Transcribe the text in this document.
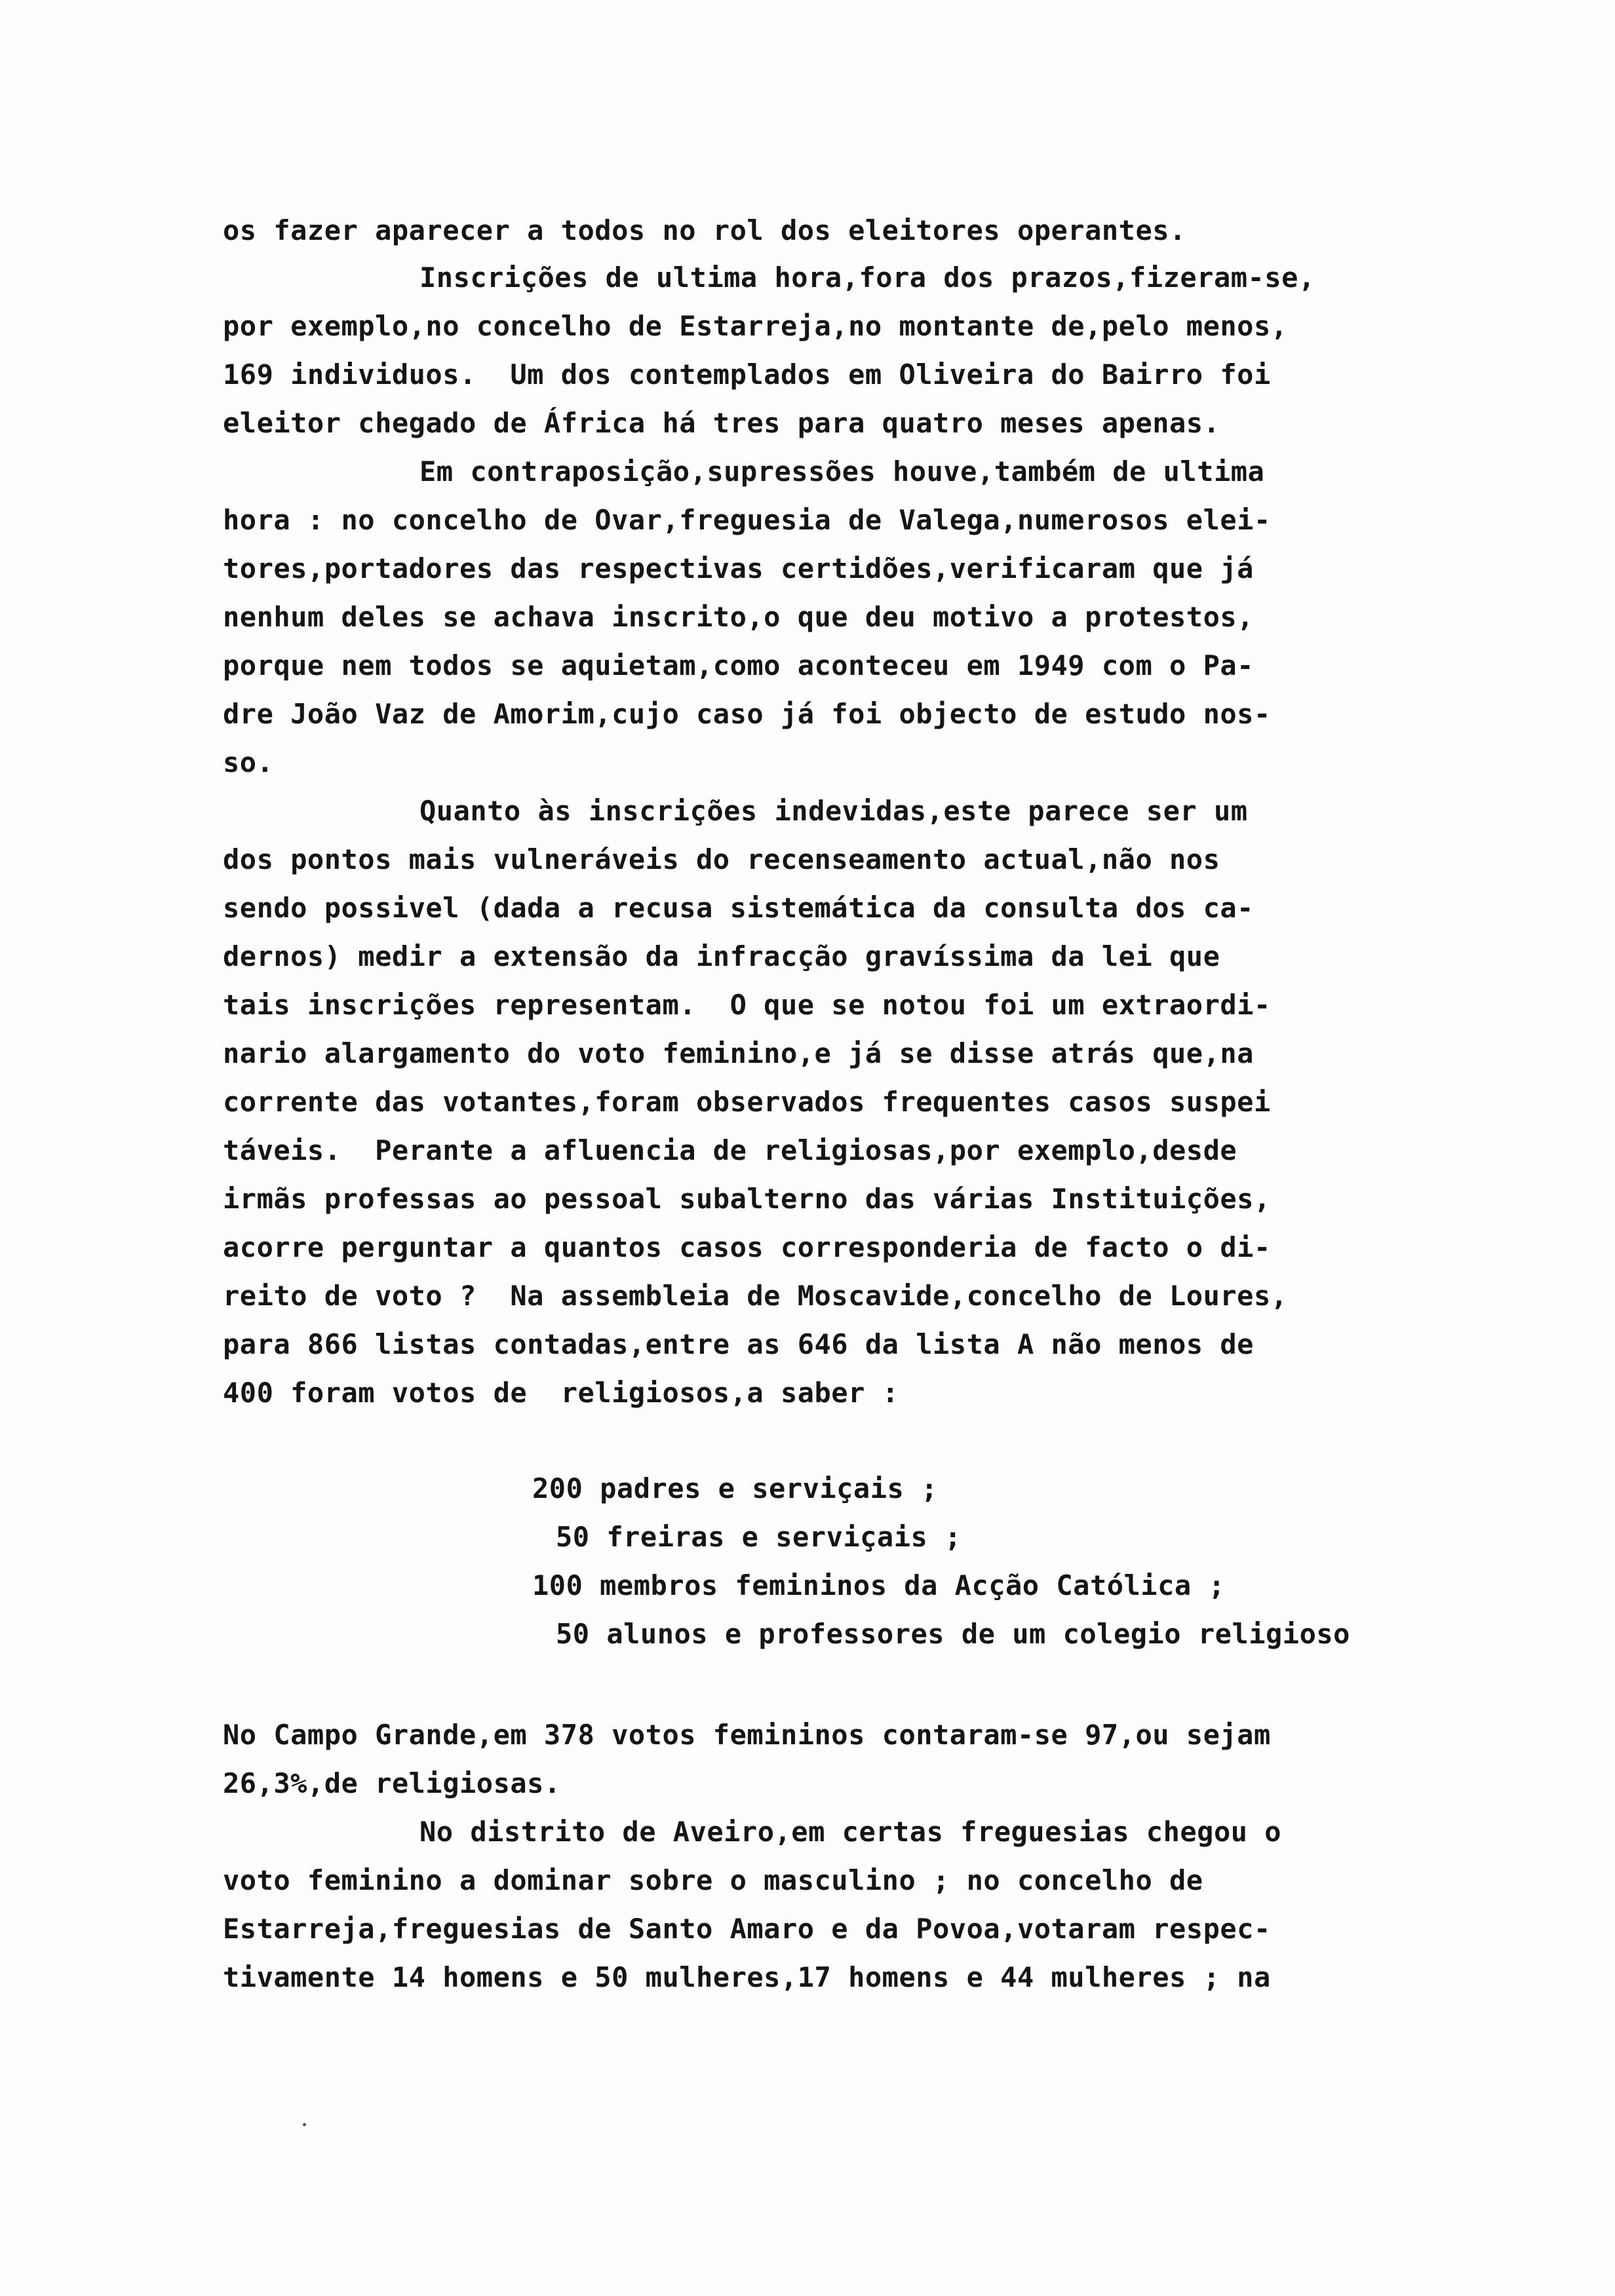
os fazer aparecer a todos no rol dos eleitores operantes.
Inscrições de ultima hora,fora dos prazos,fizeram-se,
por exemplo,no concelho de Estarreja,no montante de,pelo menos,
169 individuos.  Um dos contemplados em Oliveira do Bairro foi
eleitor chegado de África há tres para quatro meses apenas.
Em contraposição,supressões houve,também de ultima
hora : no concelho de Ovar,freguesia de Valega,numerosos elei-
tores,portadores das respectivas certidões,verificaram que já
nenhum deles se achava inscrito,o que deu motivo a protestos,
porque nem todos se aquietam,como aconteceu em 1949 com o Pa-
dre João Vaz de Amorim,cujo caso já foi objecto de estudo nos-
so.
Quanto às inscrições indevidas,este parece ser um
dos pontos mais vulneráveis do recenseamento actual,não nos
sendo possivel (dada a recusa sistemática da consulta dos ca-
dernos) medir a extensão da infracção gravíssima da lei que
tais inscrições representam.  O que se notou foi um extraordi-
nario alargamento do voto feminino,e já se disse atrás que,na
corrente das votantes,foram observados frequentes casos suspei
táveis.  Perante a afluencia de religiosas,por exemplo,desde
irmãs professas ao pessoal subalterno das várias Instituições,
acorre perguntar a quantos casos corresponderia de facto o di-
reito de voto ?  Na assembleia de Moscavide,concelho de Loures,
para 866 listas contadas,entre as 646 da lista A não menos de
400 foram votos de  religiosos,a saber :
200 padres e serviçais ;
50 freiras e serviçais ;
100 membros femininos da Acção Católica ;
50 alunos e professores de um colegio religioso
No Campo Grande,em 378 votos femininos contaram-se 97,ou sejam
26,3%,de religiosas.
No distrito de Aveiro,em certas freguesias chegou o
voto feminino a dominar sobre o masculino ; no concelho de
Estarreja,freguesias de Santo Amaro e da Povoa,votaram respec-
tivamente 14 homens e 50 mulheres,17 homens e 44 mulheres ; na
